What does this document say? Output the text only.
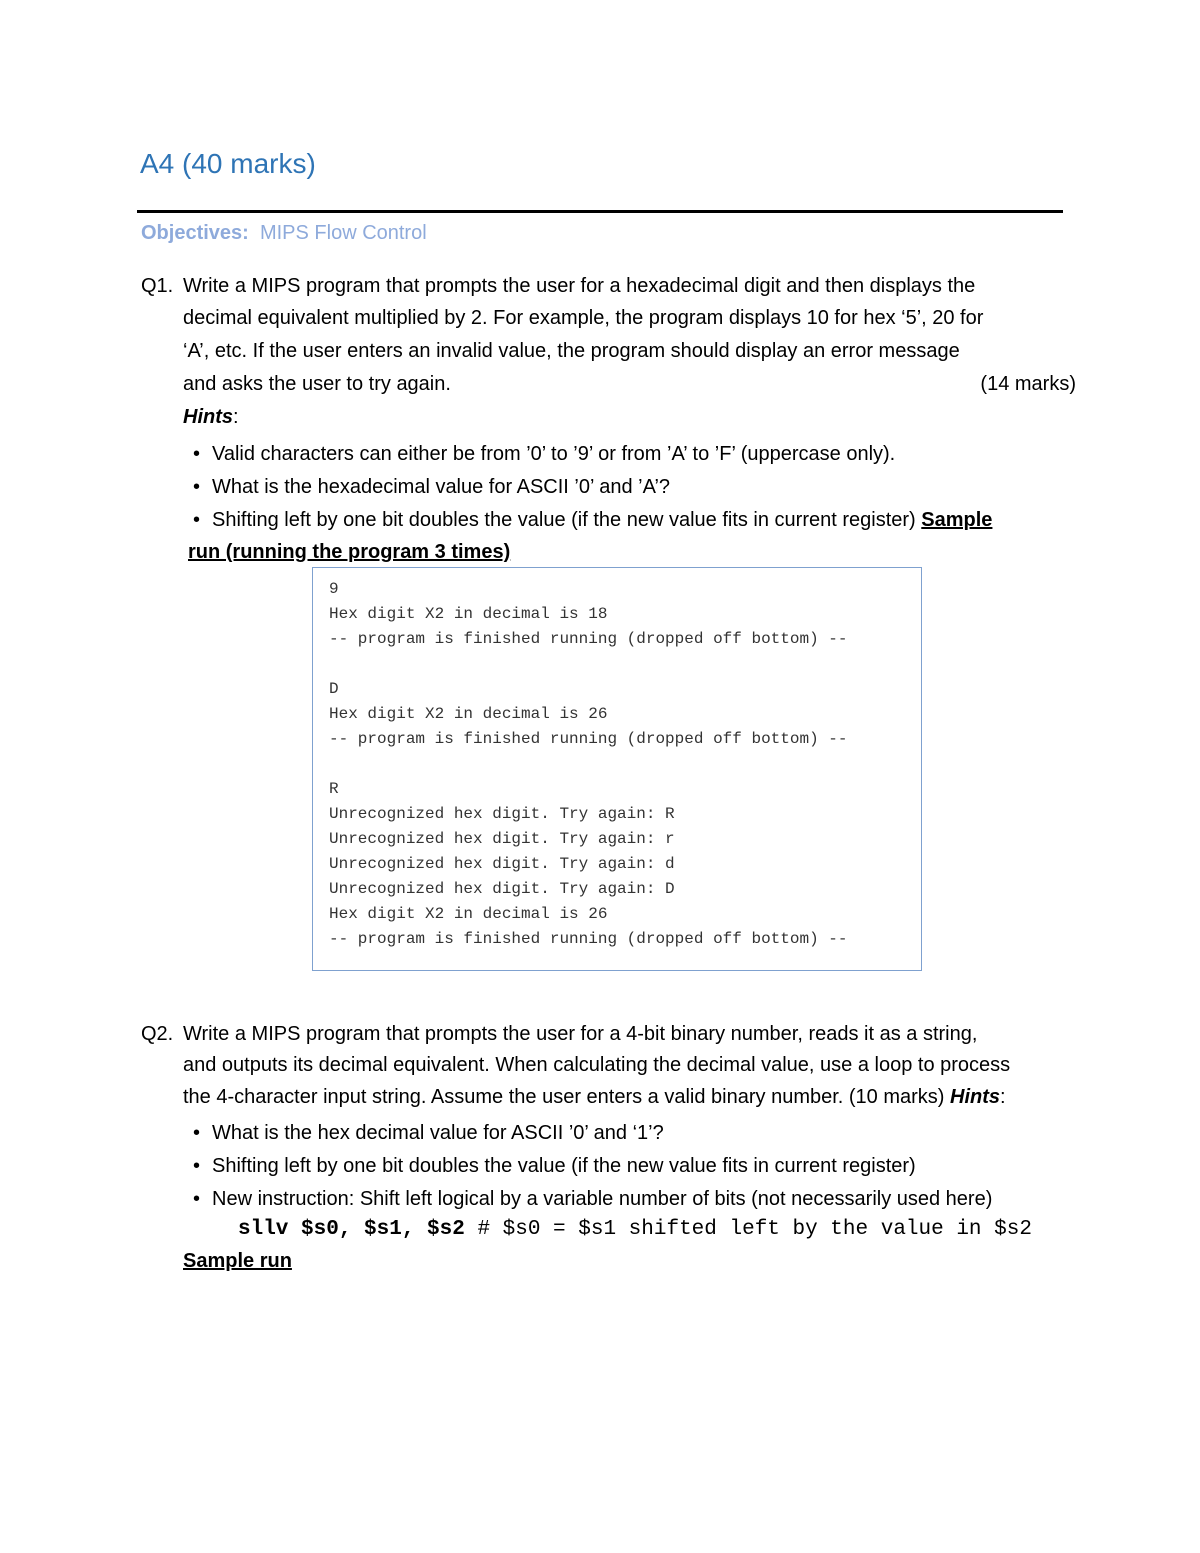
A4 (40 marks)
Objectives: MIPS Flow Control
Q1. Write a MIPS program that prompts the user for a hexadecimal digit and then displays the
decimal equivalent multiplied by 2. For example, the program displays 10 for hex ‘5’, 20 for
‘A’, etc. If the user enters an invalid value, the program should display an error message
and asks the user to try again.	(14 marks)
Hints:
• Valid characters can either be from ’0’ to ’9’ or from ’A’ to ’F’ (uppercase only).
• What is the hexadecimal value for ASCII ’0’ and ’A’?
• Shifting left by one bit doubles the value (if the new value fits in current register) Sample
run (running the program 3 times)
9
Hex digit X2 in decimal is 18
-- program is finished running (dropped off bottom) --
D
Hex digit X2 in decimal is 26
-- program is finished running (dropped off bottom) --
R
Unrecognized hex digit. Try again: R
Unrecognized hex digit. Try again: r
Unrecognized hex digit. Try again: d
Unrecognized hex digit. Try again: D
Hex digit X2 in decimal is 26
-- program is finished running (dropped off bottom) --
Q2. Write a MIPS program that prompts the user for a 4-bit binary number, reads it as a string,
and outputs its decimal equivalent. When calculating the decimal value, use a loop to process
the 4-character input string. Assume the user enters a valid binary number. (10 marks) Hints:
• What is the hex decimal value for ASCII ’0’ and ‘1’?
• Shifting left by one bit doubles the value (if the new value fits in current register)
• New instruction: Shift left logical by a variable number of bits (not necessarily used here)
sllv $s0, $s1, $s2 # $s0 = $s1 shifted left by the value in $s2
Sample run
